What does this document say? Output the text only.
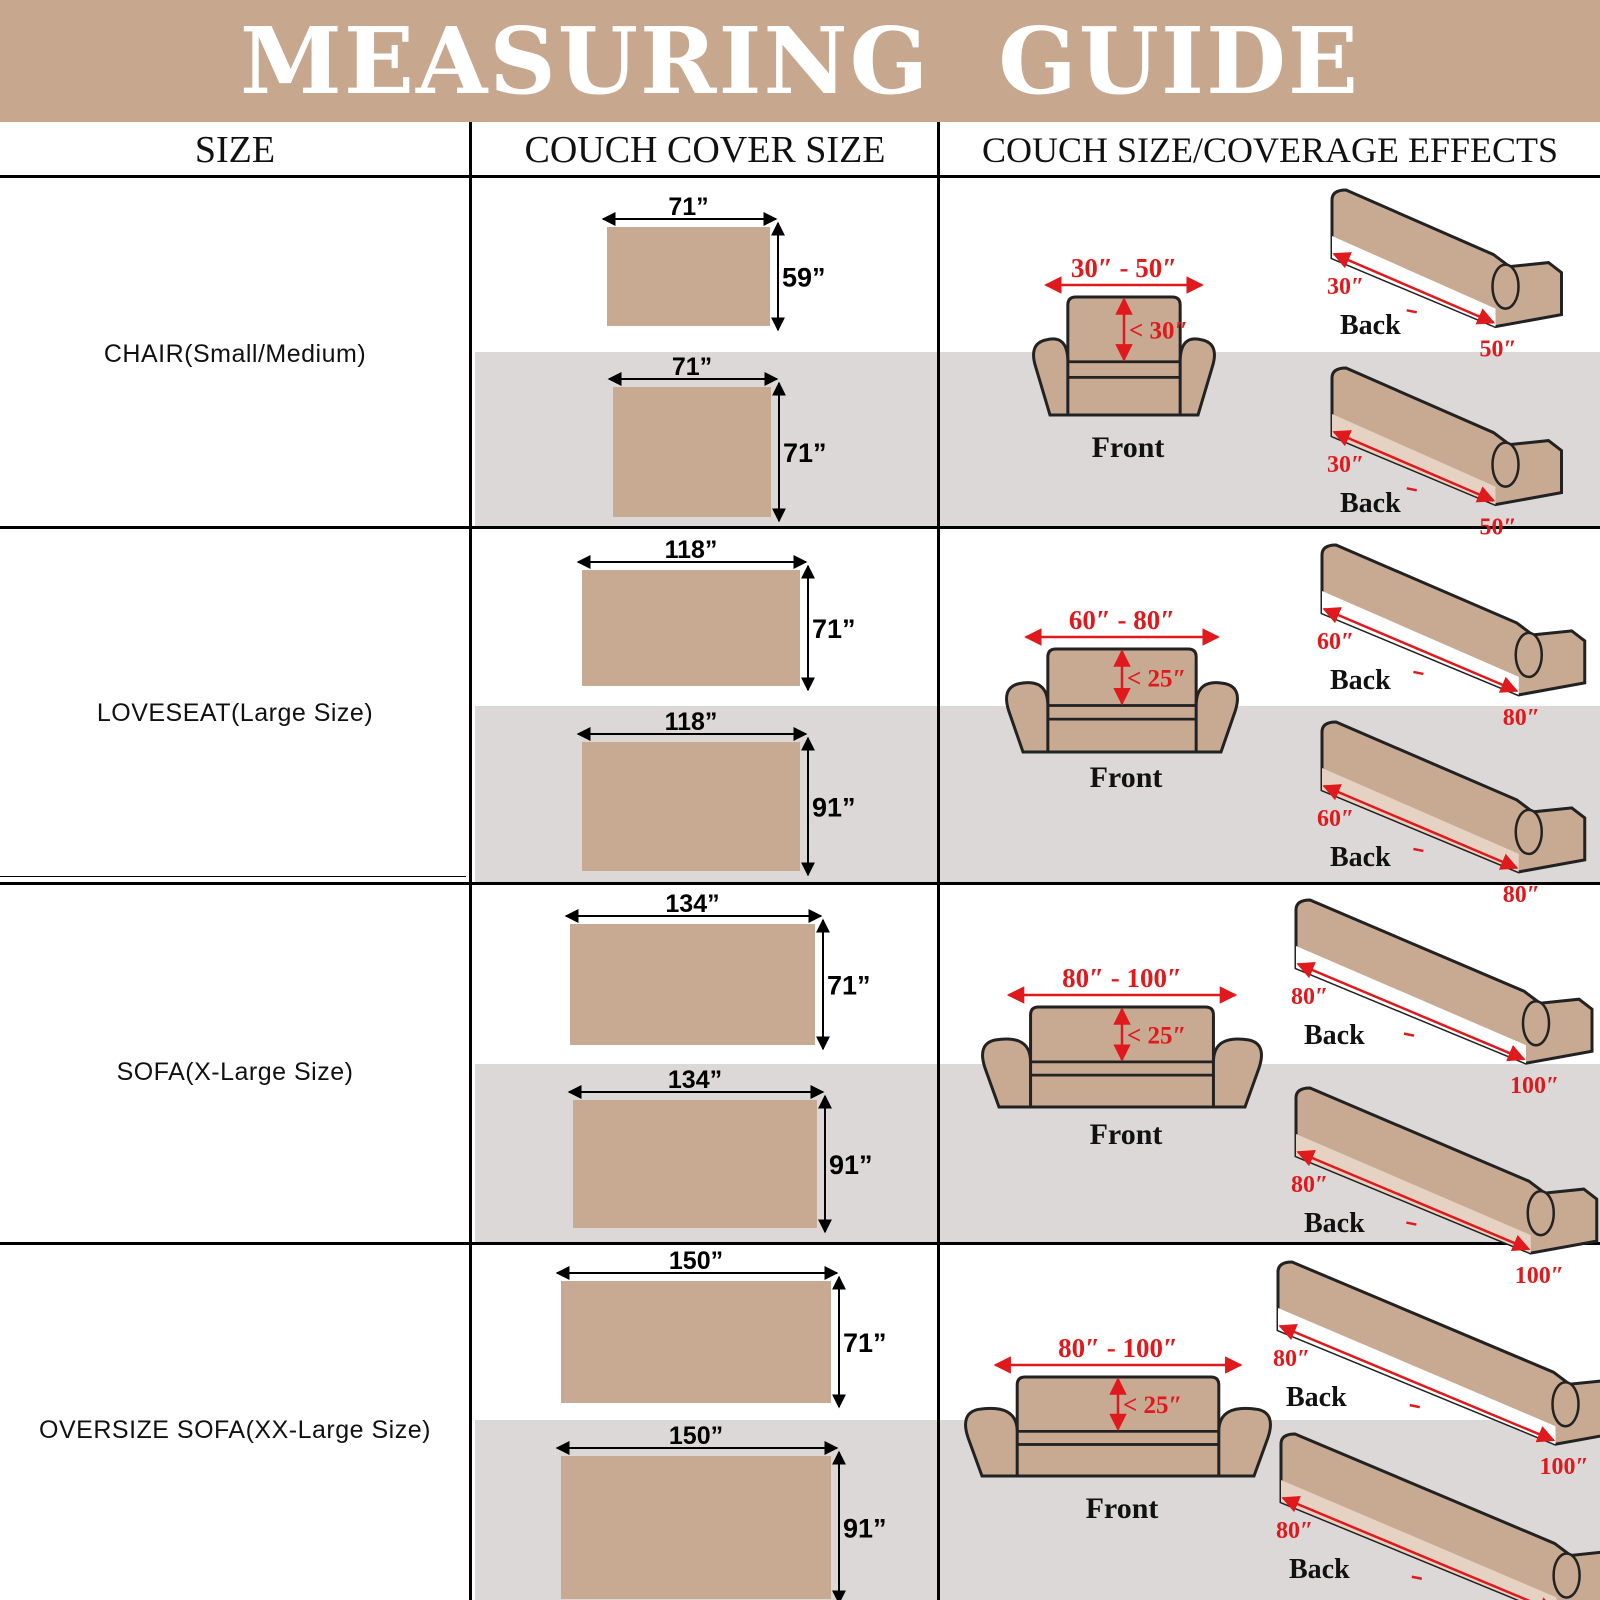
MEASURING  GUIDE
SIZE	COUCH COVER SIZE	COUCH SIZE/COVERAGE EFFECTS
CHAIR(Small/Medium)
LOVESEAT(Large Size)
SOFA(X-Large Size)
OVERSIZE SOFA(XX-Large Size)
71”
59”
71”
71”
118”
71”
118”
91”
134”
71”
134”
91”
150”
71”
150”
91”
30″ - 50″
< 30″
Front
60″ - 80″
< 25″
Front
80″ - 100″
< 25″
Front
80″ - 100″
< 25″
Front
30″
50″
Back
30″
50″
Back
60″
80″
Back
60″
80″
Back
80″
100″
Back
80″
100″
Back
80″
100″
Back
80″
Back
